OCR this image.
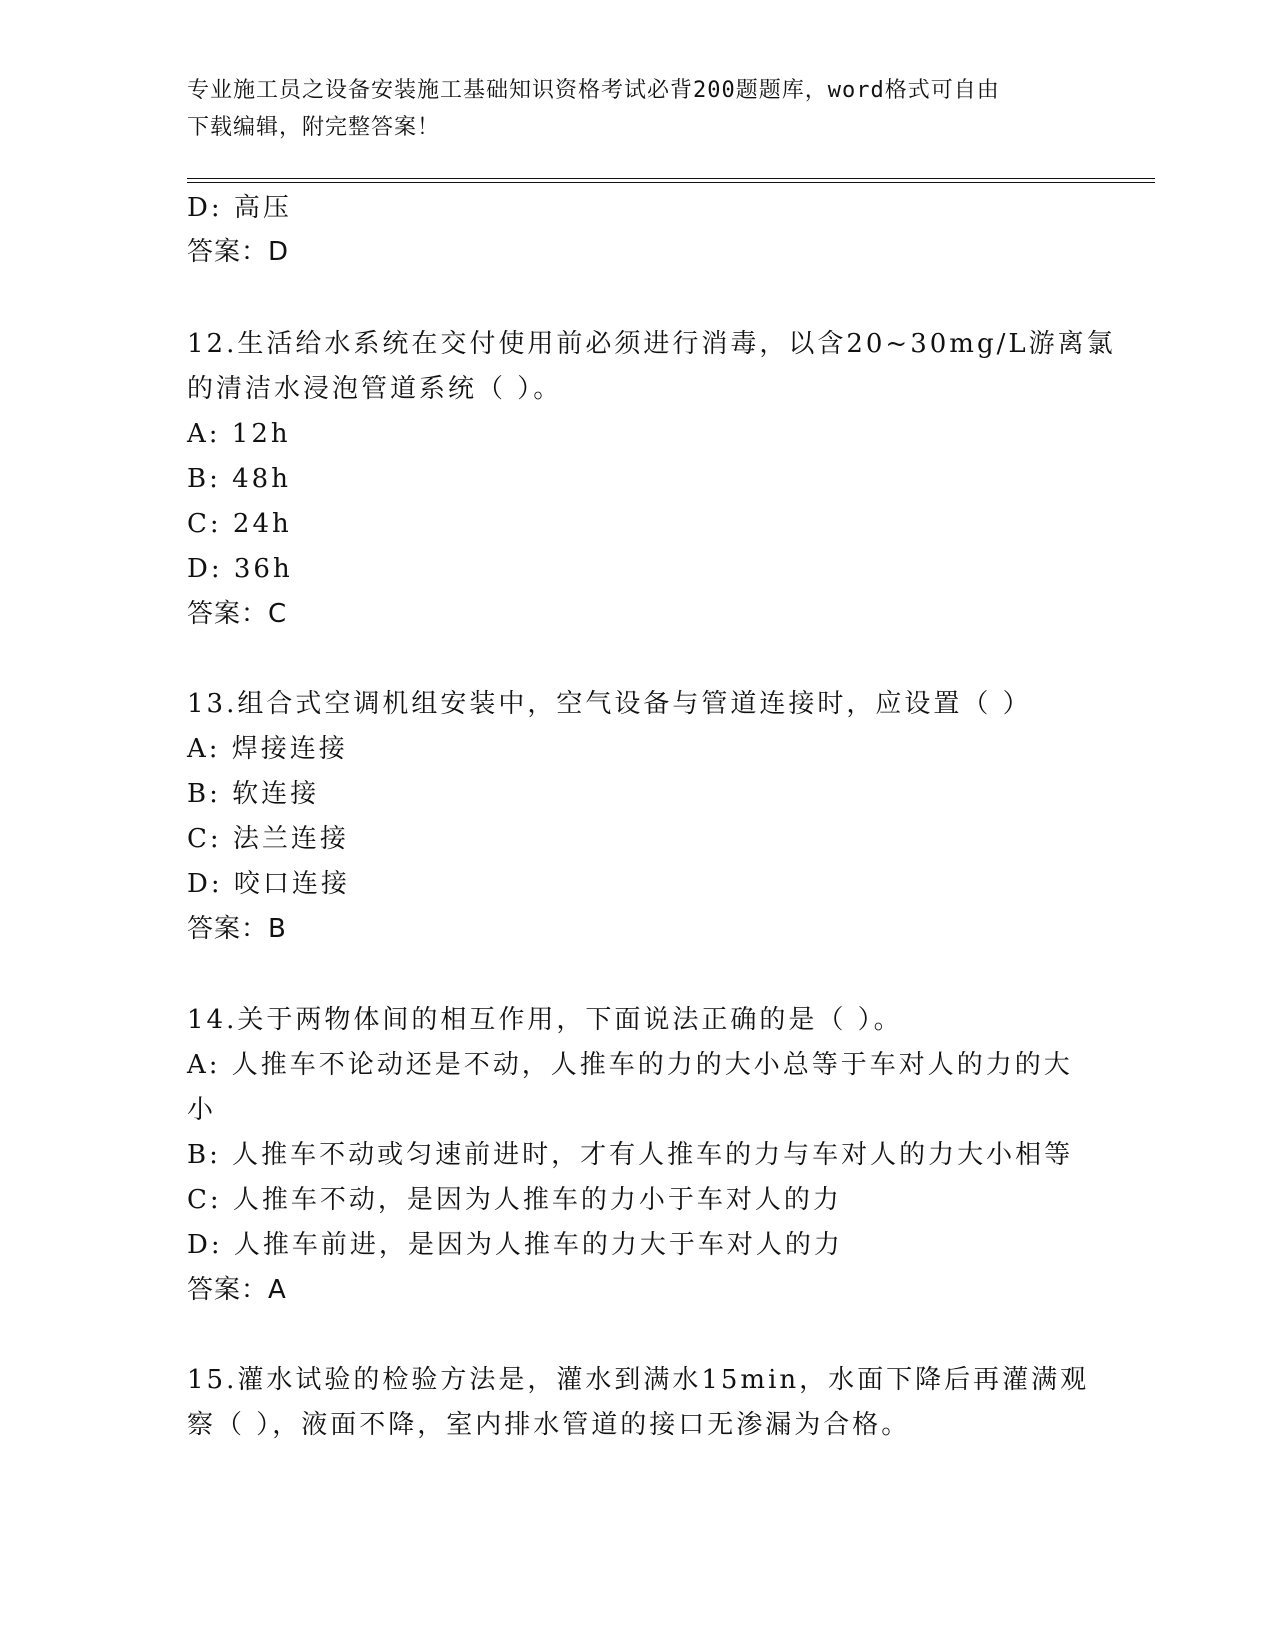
专业施工员之设备安装施工基础知识资格考试必背200题题库，word格式可自由
下载编辑，附完整答案！
D: 高压
答案：D
12.生活给水系统在交付使用前必须进行消毒，以含20~30mg/L游离氯
的清洁水浸泡管道系统（ ）。
A: 12h
B: 48h
C: 24h
D: 36h
答案：C
13.组合式空调机组安装中，空气设备与管道连接时，应设置（ ）
A: 焊接连接
B: 软连接
C: 法兰连接
D: 咬口连接
答案：B
14.关于两物体间的相互作用，下面说法正确的是（ ）。
A: 人推车不论动还是不动，人推车的力的大小总等于车对人的力的大
小
B: 人推车不动或匀速前进时，才有人推车的力与车对人的力大小相等
C: 人推车不动，是因为人推车的力小于车对人的力
D: 人推车前进，是因为人推车的力大于车对人的力
答案：A
15.灌水试验的检验方法是，灌水到满水15min，水面下降后再灌满观
察（ ），液面不降，室内排水管道的接口无渗漏为合格。
